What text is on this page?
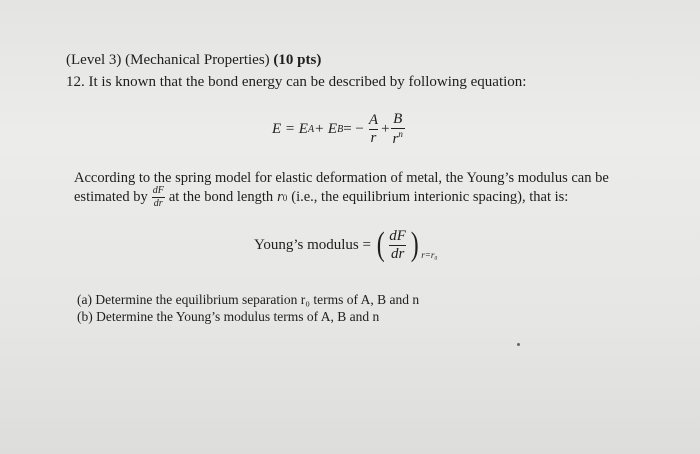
(Level 3) (Mechanical Properties) (10 pts)
12. It is known that the bond energy can be described by following equation:
E = E A + E B = − $\frac{A}{r} + \frac{B}{r^n}$
According to the spring model for elastic deformation of metal, the Young’s modulus can be
estimated by $\frac{dF}{dr}$ at the bond length r 0 (i.e., the equilibrium interionic spacing), that is:
Young’s modulus = ( $\frac{dF}{dr}$ ) r=r₀
(a) Determine the equilibrium separation r₀ terms of A, B and n
(b) Determine the Young’s modulus terms of A, B and n
